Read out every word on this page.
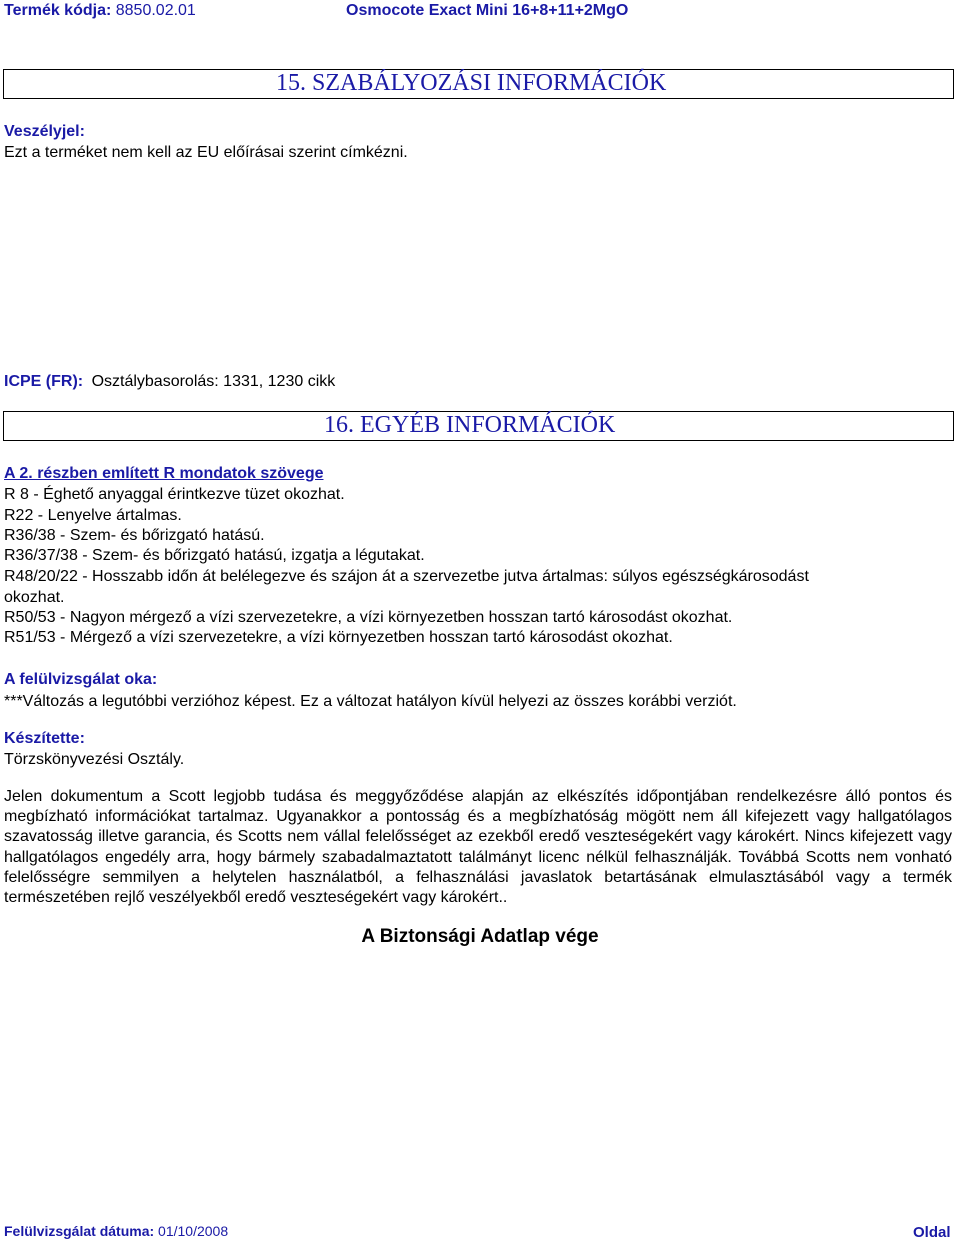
Termék kódja: 8850.02.01	Osmocote Exact Mini 16+8+11+2MgO
15. SZABÁLYOZÁSI INFORMÁCIÓK
Veszélyjel:
Ezt a terméket nem kell az EU előírásai szerint címkézni.
ICPE (FR): Osztálybasorolás: 1331, 1230 cikk
16. EGYÉB INFORMÁCIÓK
A 2. részben említett R mondatok szövege
R 8 - Éghető anyaggal érintkezve tüzet okozhat.
R22 - Lenyelve ártalmas.
R36/38 - Szem- és bőrizgató hatású.
R36/37/38 - Szem- és bőrizgató hatású, izgatja a légutakat.
R48/20/22 - Hosszabb időn át belélegezve és szájon át a szervezetbe jutva ártalmas: súlyos egészségkárosodást
okozhat.
R50/53 - Nagyon mérgező a vízi szervezetekre, a vízi környezetben hosszan tartó károsodást okozhat.
R51/53 - Mérgező a vízi szervezetekre, a vízi környezetben hosszan tartó károsodást okozhat.
A felülvizsgálat oka:
***Változás a legutóbbi verzióhoz képest. Ez a változat hatályon kívül helyezi az összes korábbi verziót.
Készítette:
Törzskönyvezési Osztály.
Jelen dokumentum a Scott legjobb tudása és meggyőződése alapján az elkészítés időpontjában rendelkezésre álló pontos és megbízható információkat tartalmaz. Ugyanakkor a pontosság és a megbízhatóság mögött nem áll kifejezett vagy hallgatólagos szavatosság illetve garancia, és Scotts nem vállal felelősséget az ezekből eredő veszteségekért vagy károkért. Nincs kifejezett vagy hallgatólagos engedély arra, hogy bármely szabadalmaztatott találmányt licenc nélkül felhasználják. Továbbá Scotts nem vonható felelősségre semmilyen a helytelen használatból, a felhasználási javaslatok betartásának elmulasztásából vagy a termék természetében rejlő veszélyekből eredő veszteségekért vagy károkért..
A Biztonsági Adatlap vége
Felülvizsgálat dátuma: 01/10/2008	Oldal
